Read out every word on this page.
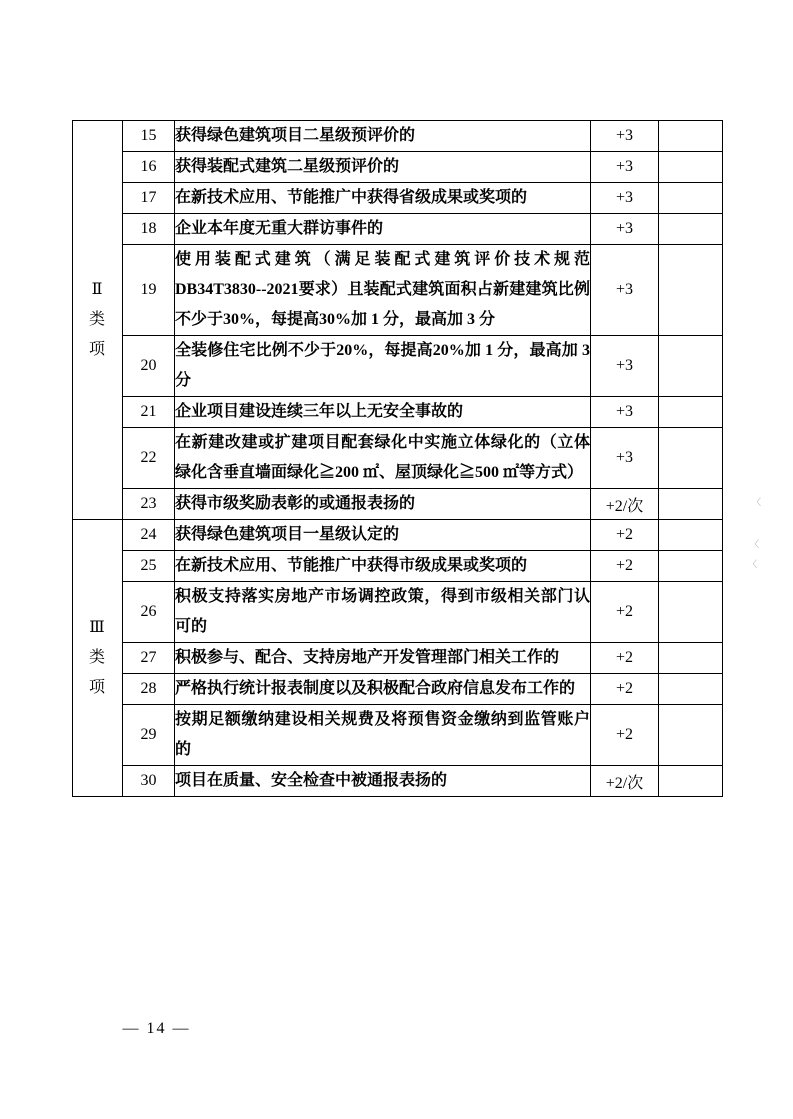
Ⅱ类项	15	获得绿色建筑项目二星级预评价的	+3	
	16	获得装配式建筑二星级预评价的	+3	
	17	在新技术应用、节能推广中获得省级成果或奖项的	+3	
	18	企业本年度无重大群访事件的	+3	
	19	使用装配式建筑（满足装配式建筑评价技术规范DB34T3830--2021要求）且装配式建筑面积占新建建筑比例不少于30%，每提高30%加 1 分，最高加 3 分	+3	
	20	全装修住宅比例不少于20%，每提高20%加 1 分，最高加 3 分	+3	
	21	企业项目建设连续三年以上无安全事故的	+3	
	22	在新建改建或扩建项目配套绿化中实施立体绿化的（立体绿化含垂直墙面绿化≧200 ㎡、屋顶绿化≧500 ㎡等方式）	+3	
	23	获得市级奖励表彰的或通报表扬的	+2/次	

Ⅲ类项	24	获得绿色建筑项目一星级认定的	+2	
	25	在新技术应用、节能推广中获得市级成果或奖项的	+2	
	26	积极支持落实房地产市场调控政策，得到市级相关部门认可的	+2	
	27	积极参与、配合、支持房地产开发管理部门相关工作的	+2	
	28	严格执行统计报表制度以及积极配合政府信息发布工作的	+2	
	29	按期足额缴纳建设相关规费及将预售资金缴纳到监管账户的	+2	
	30	项目在质量、安全检查中被通报表扬的	+2/次	
〈
〈
〈
— 14 —
